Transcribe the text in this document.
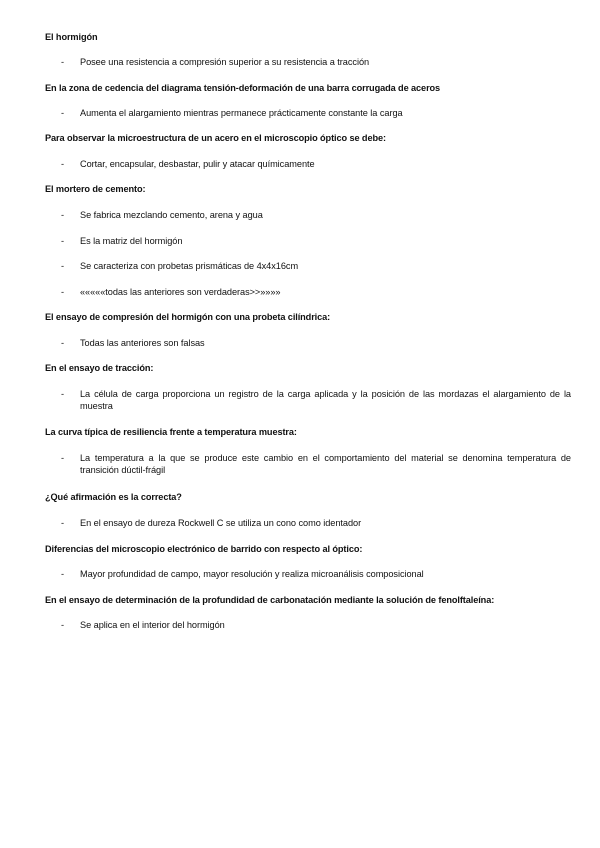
El hormigón
- Posee una resistencia a compresión superior a su resistencia a tracción
En la zona de cedencia del diagrama tensión-deformación de una barra corrugada de aceros
- Aumenta el alargamiento mientras permanece prácticamente constante la carga
Para observar la microestructura de un acero en el microscopio óptico se debe:
- Cortar, encapsular, desbastar, pulir y atacar químicamente
El mortero de cemento:
- Se fabrica mezclando cemento, arena y agua
- Es la matriz del hormigón
- Se caracteriza con probetas prismáticas de 4x4x16cm
- «««««todas las anteriores son verdaderas>>»»»»
El ensayo de compresión del hormigón con una probeta cilíndrica:
- Todas las anteriores son falsas
En el ensayo de tracción:
- La célula de carga proporciona un registro de la carga aplicada y la posición de las mordazas el alargamiento de la muestra
La curva típica de resiliencia frente a temperatura muestra:
- La temperatura a la que se produce este cambio en el comportamiento del material se denomina temperatura de transición dúctil-frágil
¿Qué afirmación es la correcta?
- En el ensayo de dureza Rockwell C se utiliza un cono como identador
Diferencias del microscopio electrónico de barrido con respecto al óptico:
- Mayor profundidad de campo, mayor resolución y realiza microanálisis composicional
En el ensayo de determinación de la profundidad de carbonatación mediante la solución de fenolftaleína:
- Se aplica en el interior del hormigón
